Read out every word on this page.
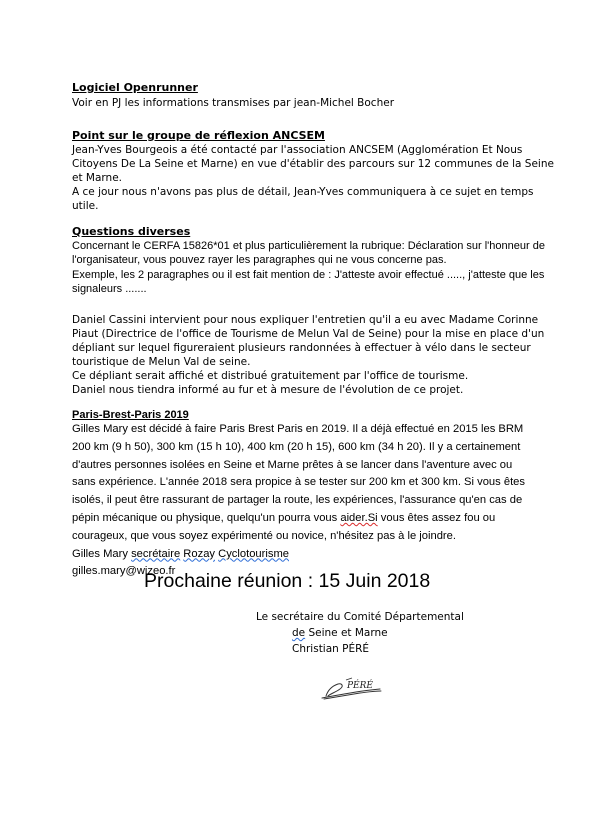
Logiciel Openrunner
Voir en PJ les informations transmises par jean-Michel Bocher
Point sur le groupe de réflexion ANCSEM
Jean-Yves Bourgeois a été contacté par l'association ANCSEM (Agglomération Et Nous
Citoyens De La Seine et Marne) en vue d'établir des parcours sur 12 communes de la Seine
et Marne.
A ce jour nous n'avons pas plus de détail, Jean-Yves communiquera à ce sujet en temps
utile.
Questions diverses
Concernant le CERFA 15826*01 et plus particulièrement la rubrique: Déclaration sur l'honneur de
l'organisateur, vous pouvez rayer les paragraphes qui ne vous concerne pas.
Exemple, les 2 paragraphes ou il est fait mention de : J'atteste avoir effectué ....., j'atteste que les
signaleurs .......
Daniel Cassini intervient pour nous expliquer l'entretien qu'il a eu avec Madame Corinne
Piaut (Directrice de l'office de Tourisme de Melun Val de Seine) pour la mise en place d'un
dépliant sur lequel figureraient plusieurs randonnées à effectuer à vélo dans le secteur
touristique de Melun Val de seine.
Ce dépliant serait affiché et distribué gratuitement par l'office de tourisme.
Daniel nous tiendra informé au fur et à mesure de l'évolution de ce projet.
Paris-Brest-Paris 2019
Gilles Mary est décidé à faire Paris Brest Paris en 2019. Il a déjà effectué en 2015 les BRM
200 km (9 h 50), 300 km (15 h 10), 400 km (20 h 15), 600 km (34 h 20). Il y a certainement
d'autres personnes isolées en Seine et Marne prêtes à se lancer dans l'aventure avec ou
sans expérience. L'année 2018 sera propice à se tester sur 200 km et 300 km. Si vous êtes
isolés, il peut être rassurant de partager la route, les expériences, l'assurance qu'en cas de
pépin mécanique ou physique, quelqu'un pourra vous aider.Si vous êtes assez fou ou
courageux, que vous soyez expérimenté ou novice, n'hésitez pas à le joindre.
Gilles Mary secrétaire Rozay Cyclotourisme
gilles.mary@wizeo.fr
Prochaine réunion : 15 Juin 2018
Le secrétaire du Comité Départemental
de Seine et Marne
Christian PÉRÉ
PÉRÉ
